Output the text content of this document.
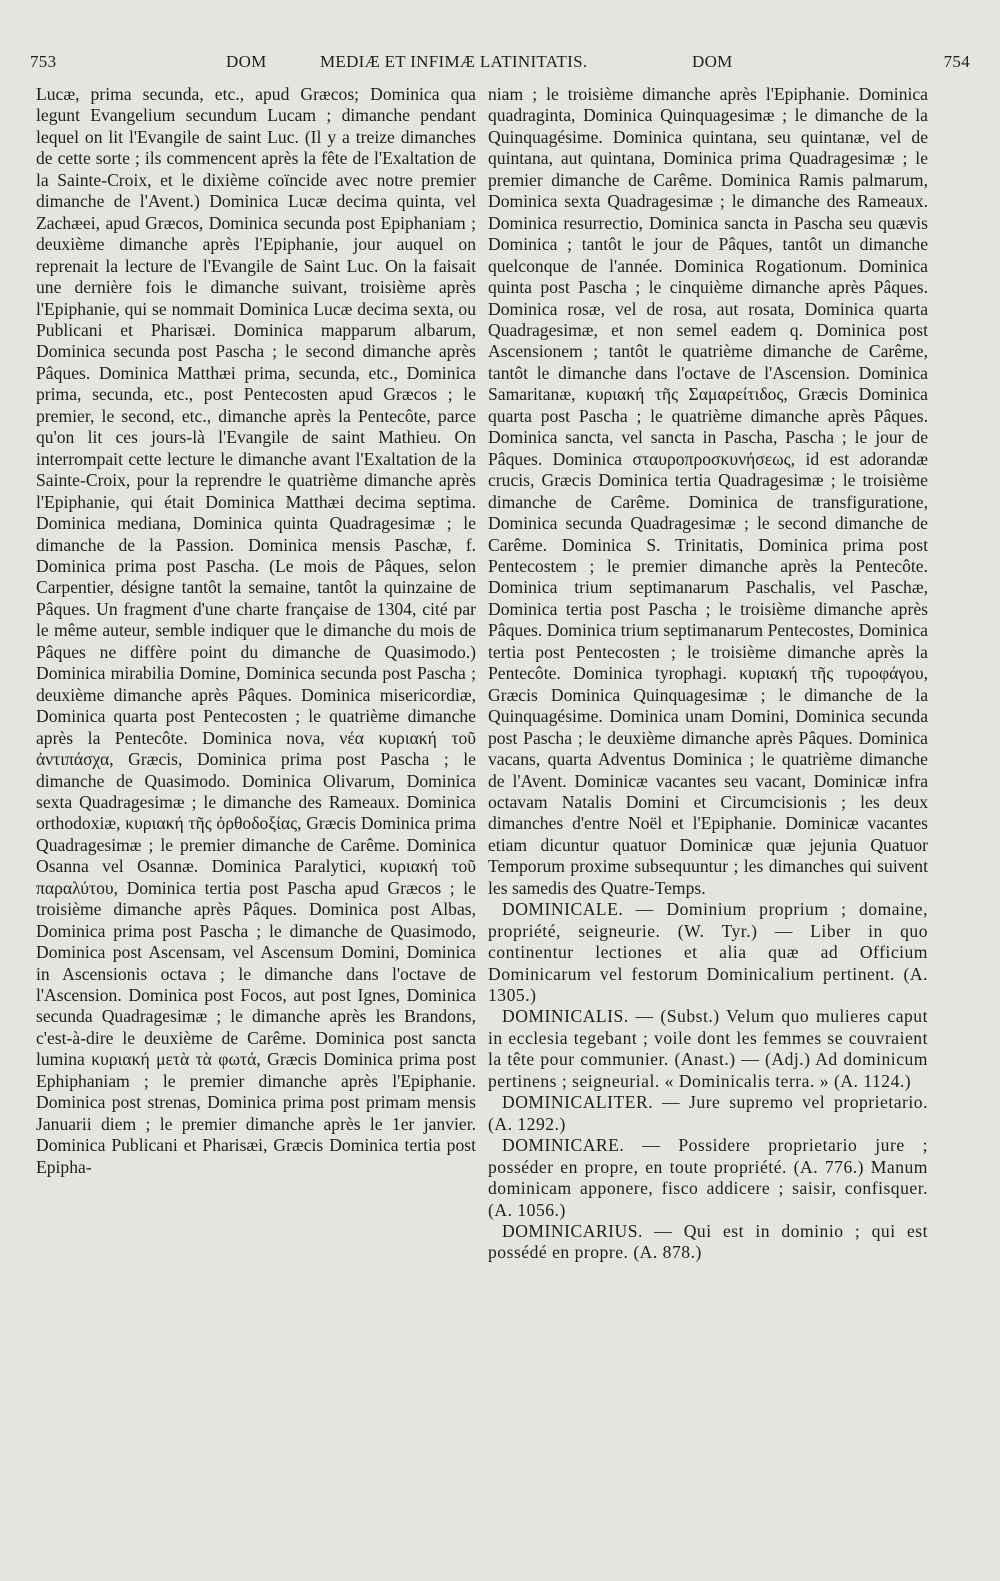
753	DOM	MEDIÆ ET INFIMÆ LATINITATIS.	DOM	754

Lucæ, prima secunda, etc., apud Græcos; Dominica qua legunt Evangelium secundum Lucam ; dimanche pendant lequel on lit l'Evangile de saint Luc. (Il y a treize dimanches de cette sorte ; ils commencent après la fête de l'Exaltation de la Sainte-Croix, et le dixième coïncide avec notre premier dimanche de l'Avent.) Dominica Lucæ decima quinta, vel Zachæei, apud Græcos, Dominica secunda post Epiphaniam ; deuxième dimanche après l'Epiphanie, jour auquel on reprenait la lecture de l'Evangile de Saint Luc. On la faisait une dernière fois le dimanche suivant, troisième après l'Epiphanie, qui se nommait Dominica Lucæ decima sexta, ou Publicani et Pharisæi. Dominica mapparum albarum, Dominica secunda post Pascha ; le second dimanche après Pâques. Dominica Matthæi prima, secunda, etc., Dominica prima, secunda, etc., post Pentecosten apud Græcos ; le premier, le second, etc., dimanche après la Pentecôte, parce qu'on lit ces jours-là l'Evangile de saint Mathieu. On interrompait cette lecture le dimanche avant l'Exaltation de la Sainte-Croix, pour la reprendre le quatrième dimanche après l'Epiphanie, qui était Dominica Matthæi decima septima. Dominica mediana, Dominica quinta Quadragesimæ ; le dimanche de la Passion. Dominica mensis Paschæ, f. Dominica prima post Pascha. (Le mois de Pâques, selon Carpentier, désigne tantôt la semaine, tantôt la quinzaine de Pâques. Un fragment d'une charte française de 1304, cité par le même auteur, semble indiquer que le dimanche du mois de Pâques ne diffère point du dimanche de Quasimodo.) Dominica mirabilia Domine, Dominica secunda post Pascha ; deuxième dimanche après Pâques. Dominica misericordiæ, Dominica quarta post Pentecosten ; le quatrième dimanche après la Pentecôte. Dominica nova, νέα κυριακή τοῦ ἀντιπάσχα, Græcis, Dominica prima post Pascha ; le dimanche de Quasimodo. Dominica Olivarum, Dominica sexta Quadragesimæ ; le dimanche des Rameaux. Dominica orthodoxiæ, κυριακή τῆς ὀρθοδοξίας, Græcis Dominica prima Quadragesimæ ; le premier dimanche de Carême. Dominica Osanna vel Osannæ. Dominica Paralytici, κυριακή τοῦ παραλύτου, Dominica tertia post Pascha apud Græcos ; le troisième dimanche après Pâques. Dominica post Albas, Dominica prima post Pascha ; le dimanche de Quasimodo, Dominica post Ascensam, vel Ascensum Domini, Dominica in Ascensionis octava ; le dimanche dans l'octave de l'Ascension. Dominica post Focos, aut post Ignes, Dominica secunda Quadragesimæ ; le dimanche après les Brandons, c'est-à-dire le deuxième de Carême. Dominica post sancta lumina κυριακή μετὰ τὰ φωτά, Græcis Dominica prima post Ephiphaniam ; le premier dimanche après l'Epiphanie. Dominica post strenas, Dominica prima post primam mensis Januarii diem ; le premier dimanche après le 1er janvier. Dominica Publicani et Pharisæi, Græcis Dominica tertia post Epipha-

niam ; le troisième dimanche après l'Epiphanie. Dominica quadraginta, Dominica Quinquagesimæ ; le dimanche de la Quinquagésime. Dominica quintana, seu quintanæ, vel de quintana, aut quintana, Dominica prima Quadragesimæ ; le premier dimanche de Carême. Dominica Ramis palmarum, Dominica sexta Quadragesimæ ; le dimanche des Rameaux. Dominica resurrectio, Dominica sancta in Pascha seu quævis Dominica ; tantôt le jour de Pâques, tantôt un dimanche quelconque de l'année. Dominica Rogationum. Dominica quinta post Pascha ; le cinquième dimanche après Pâques. Dominica rosæ, vel de rosa, aut rosata, Dominica quarta Quadragesimæ, et non semel eadem q. Dominica post Ascensionem ; tantôt le quatrième dimanche de Carême, tantôt le dimanche dans l'octave de l'Ascension. Dominica Samaritanæ, κυριακή τῆς Σαμαρείτιδος, Græcis Dominica quarta post Pascha ; le quatrième dimanche après Pâques. Dominica sancta, vel sancta in Pascha, Pascha ; le jour de Pâques. Dominica σταυροπροσκυνήσεως, id est adorandæ crucis, Græcis Dominica tertia Quadragesimæ ; le troisième dimanche de Carême. Dominica de transfiguratione, Dominica secunda Quadragesimæ ; le second dimanche de Carême. Dominica S. Trinitatis, Dominica prima post Pentecostem ; le premier dimanche après la Pentecôte. Dominica trium septimanarum Paschalis, vel Paschæ, Dominica tertia post Pascha ; le troisième dimanche après Pâques. Dominica trium septimanarum Pentecostes, Dominica tertia post Pentecosten ; le troisième dimanche après la Pentecôte. Dominica tyrophagi. κυριακή τῆς τυροφάγου, Græcis Dominica Quinquagesimæ ; le dimanche de la Quinquagésime. Dominica unam Domini, Dominica secunda post Pascha ; le deuxième dimanche après Pâques. Dominica vacans, quarta Adventus Dominica ; le quatrième dimanche de l'Avent. Dominicæ vacantes seu vacant, Dominicæ infra octavam Natalis Domini et Circumcisionis ; les deux dimanches d'entre Noël et l'Epiphanie. Dominicæ vacantes etiam dicuntur quatuor Dominicæ quæ jejunia Quatuor Temporum proxime subsequuntur ; les dimanches qui suivent les samedis des Quatre-Temps.

DOMINICALE. — Dominium proprium ; domaine, propriété, seigneurie. (W. Tyr.) — Liber in quo continentur lectiones et alia quæ ad Officium Dominicarum vel festorum Dominicalium pertinent. (A. 1305.)

DOMINICALIS. — (Subst.) Velum quo mulieres caput in ecclesia tegebant ; voile dont les femmes se couvraient la tête pour communier. (Anast.) — (Adj.) Ad dominicum pertinens ; seigneurial. « Dominicalis terra. » (A. 1124.)

DOMINICALITER. — Jure supremo vel proprietario. (A. 1292.)

DOMINICARE. — Possidere proprietario jure ; posséder en propre, en toute propriété. (A. 776.) Manum dominicam apponere, fisco addicere ; saisir, confisquer. (A. 1056.)

DOMINICARIUS. — Qui est in dominio ; qui est possédé en propre. (A. 878.)
